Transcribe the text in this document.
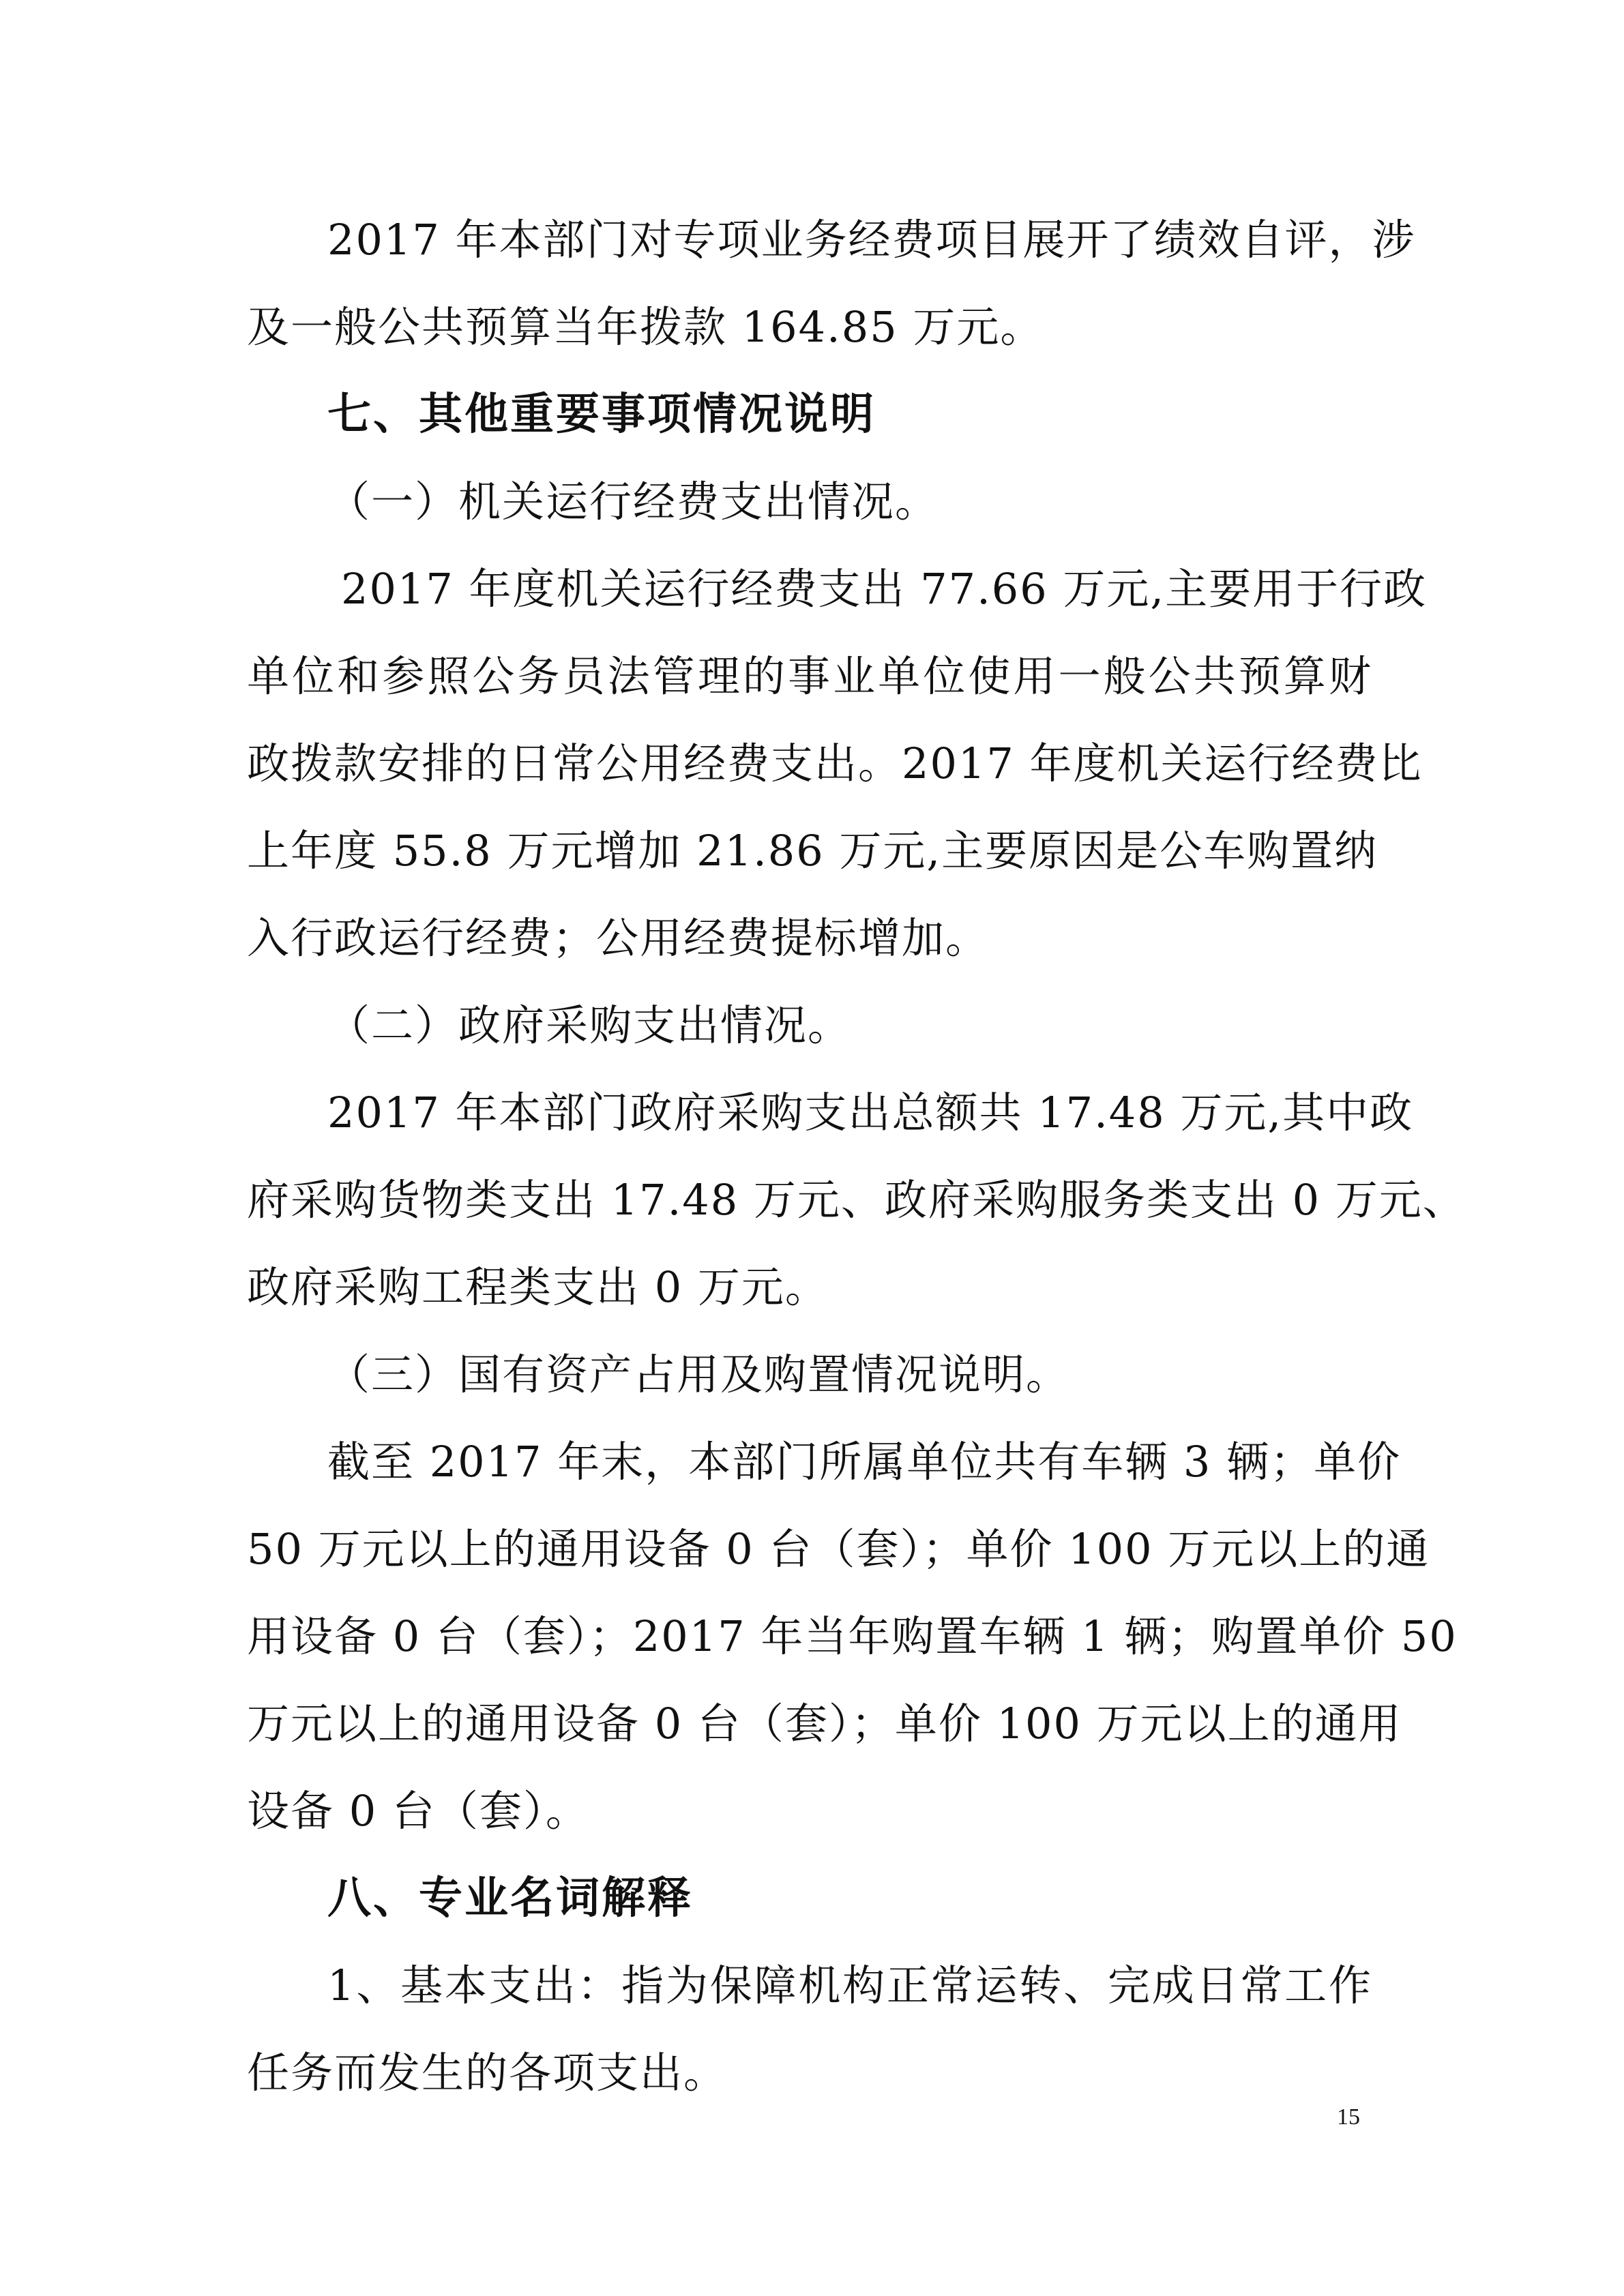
2017 年本部门对专项业务经费项目展开了绩效自评，涉
及一般公共预算当年拨款 164.85 万元。
七、其他重要事项情况说明
（一）机关运行经费支出情况。
2017 年度机关运行经费支出 77.66 万元,主要用于行政
单位和参照公务员法管理的事业单位使用一般公共预算财
政拨款安排的日常公用经费支出。2017 年度机关运行经费比
上年度 55.8 万元增加 21.86 万元,主要原因是公车购置纳
入行政运行经费；公用经费提标增加。
（二）政府采购支出情况。
2017 年本部门政府采购支出总额共 17.48 万元,其中政
府采购货物类支出 17.48 万元、政府采购服务类支出 0 万元、
政府采购工程类支出 0 万元。
（三）国有资产占用及购置情况说明。
截至 2017 年末，本部门所属单位共有车辆 3 辆；单价
50 万元以上的通用设备 0 台（套）；单价 100 万元以上的通
用设备 0 台（套）；2017 年当年购置车辆 1 辆；购置单价 50
万元以上的通用设备 0 台（套）；单价 100 万元以上的通用
设备 0 台（套）。
八、专业名词解释
1、基本支出：指为保障机构正常运转、完成日常工作
任务而发生的各项支出。
15
